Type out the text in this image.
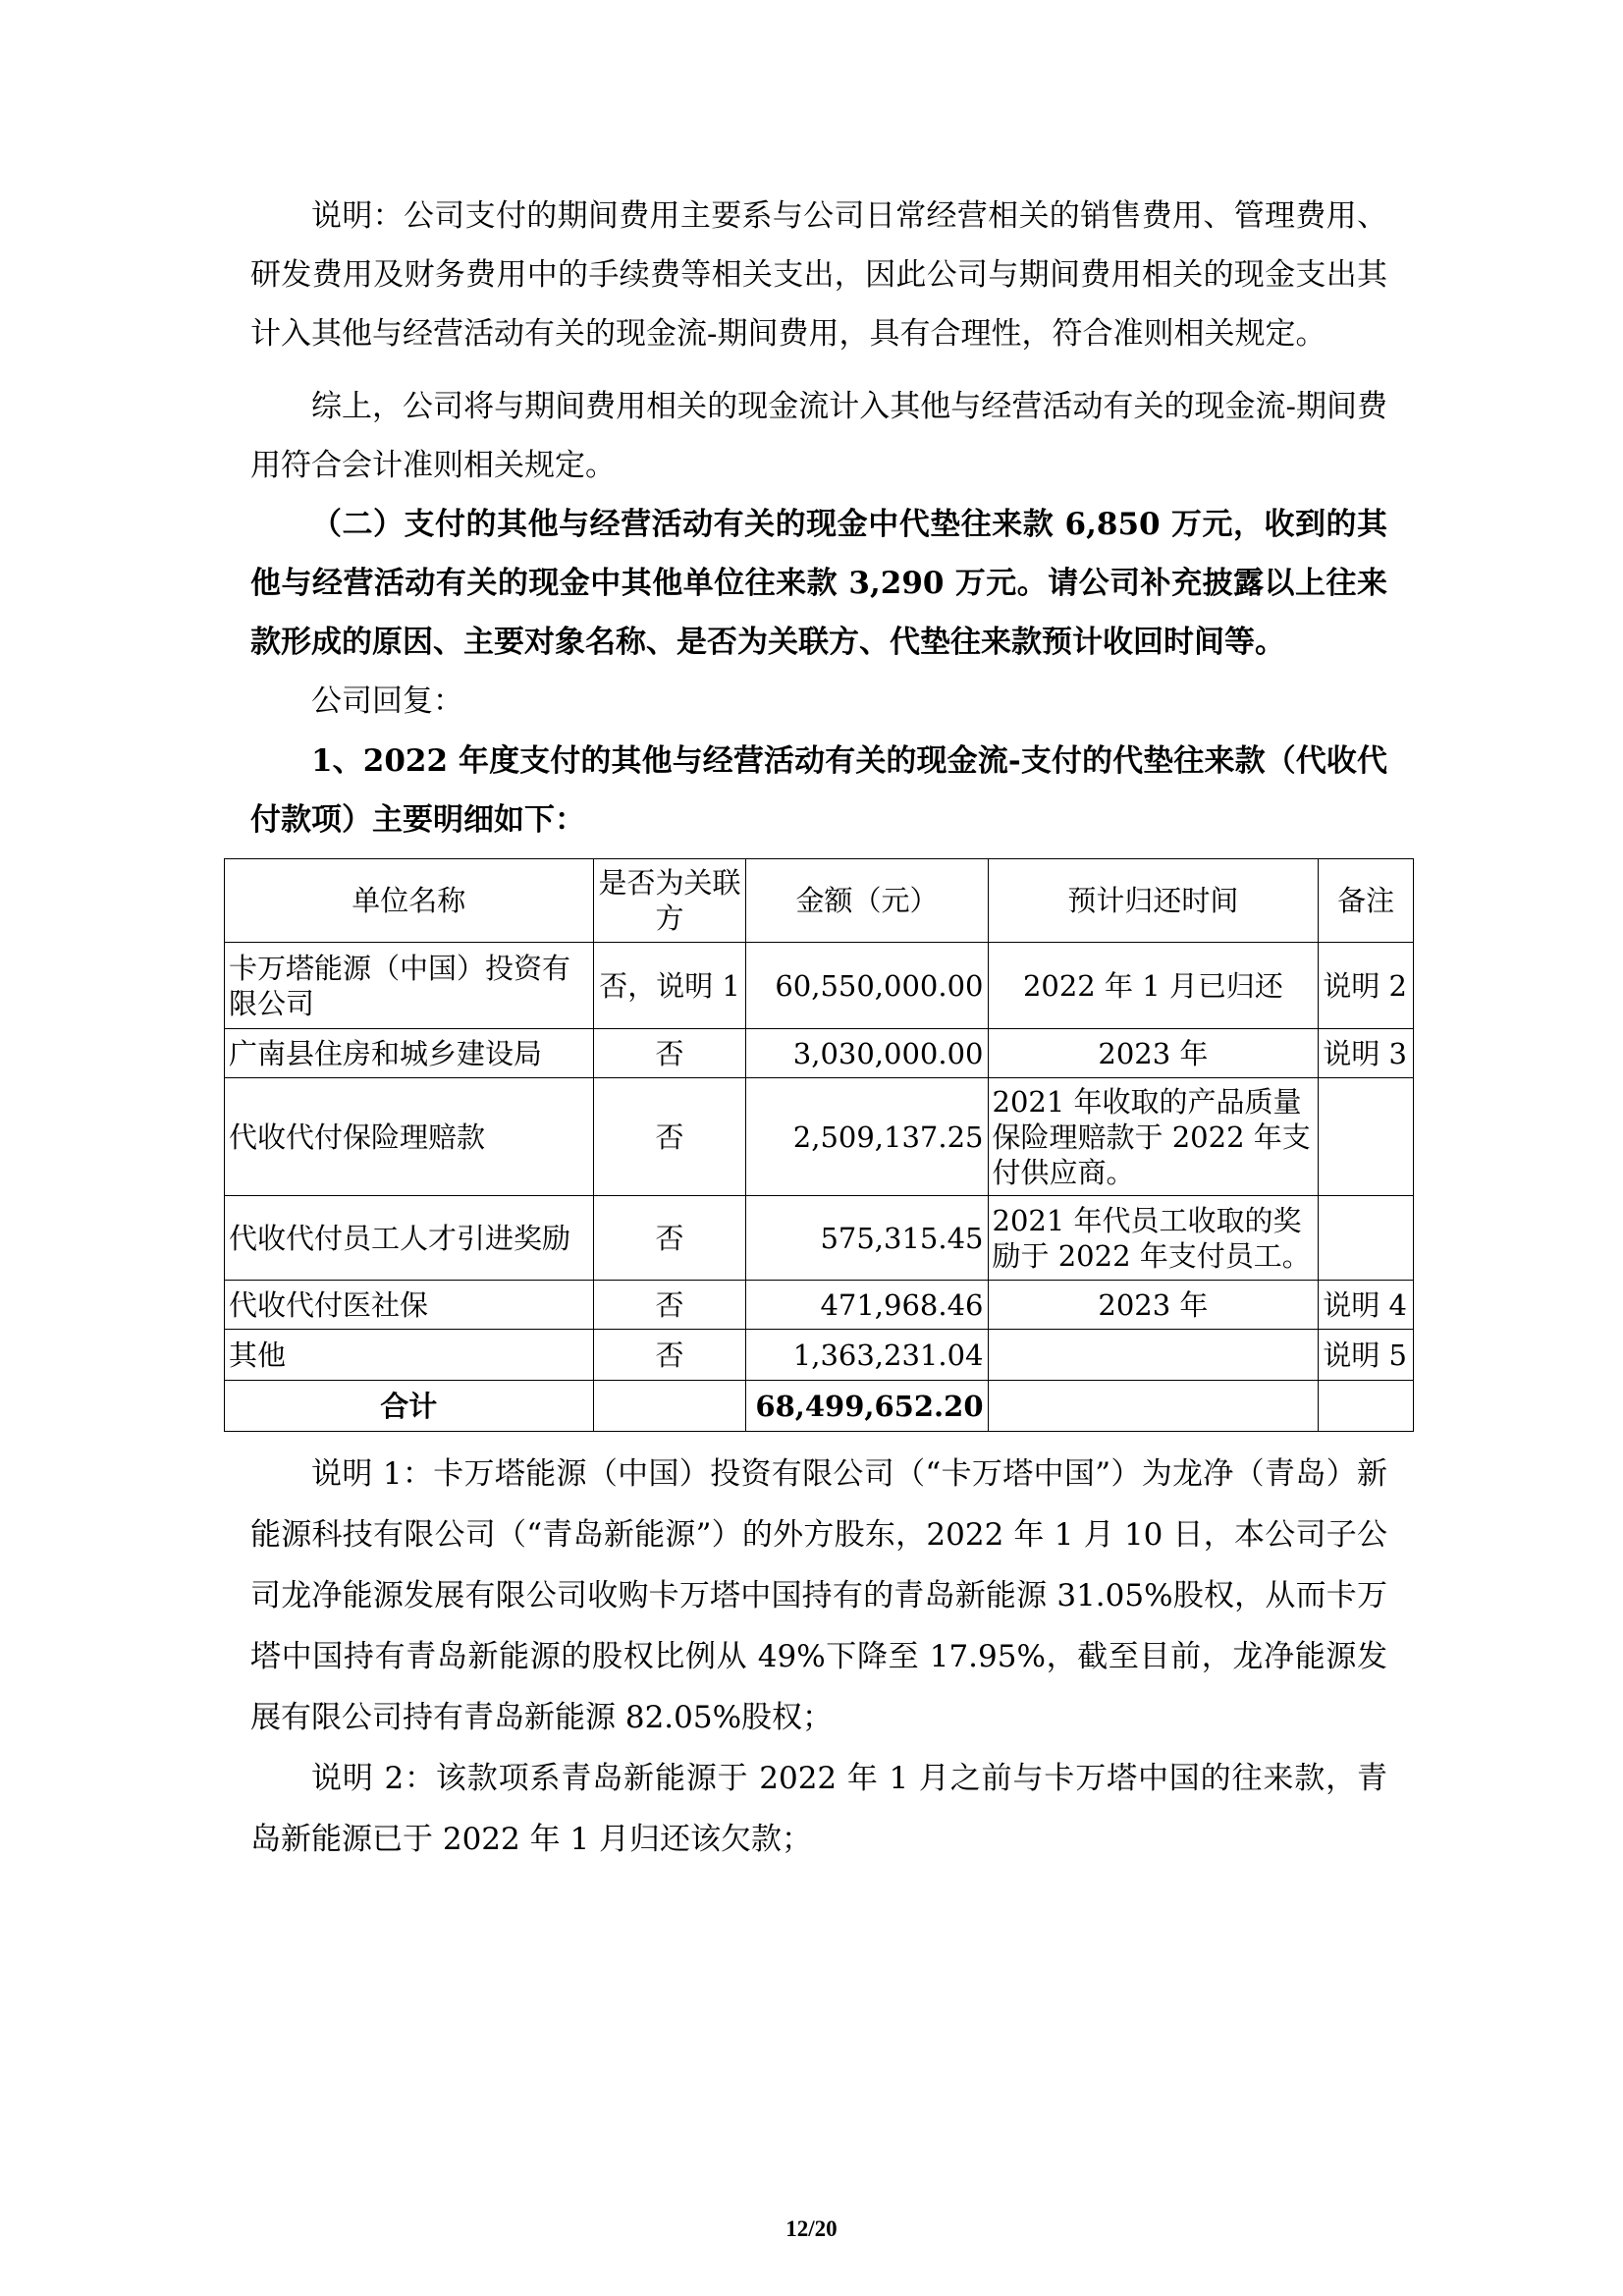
说明：公司支付的期间费用主要系与公司日常经营相关的销售费用、管理费用、研发费用及财务费用中的手续费等相关支出，因此公司与期间费用相关的现金支出其计入其他与经营活动有关的现金流-期间费用，具有合理性，符合准则相关规定。

综上，公司将与期间费用相关的现金流计入其他与经营活动有关的现金流-期间费用符合会计准则相关规定。

（二）支付的其他与经营活动有关的现金中代垫往来款 6,850 万元，收到的其他与经营活动有关的现金中其他单位往来款 3,290 万元。请公司补充披露以上往来款形成的原因、主要对象名称、是否为关联方、代垫往来款预计收回时间等。

公司回复：

1、2022 年度支付的其他与经营活动有关的现金流-支付的代垫往来款（代收代付款项）主要明细如下：

单位名称	是否为关联方	金额（元）	预计归还时间	备注
卡万塔能源（中国）投资有限公司	否，说明 1	60,550,000.00	2022 年 1 月已归还	说明 2
广南县住房和城乡建设局	否	3,030,000.00	2023 年	说明 3
代收代付保险理赔款	否	2,509,137.25	2021 年收取的产品质量保险理赔款于 2022 年支付供应商。	
代收代付员工人才引进奖励	否	575,315.45	2021 年代员工收取的奖励于 2022 年支付员工。	
代收代付医社保	否	471,968.46	2023 年	说明 4
其他	否	1,363,231.04		说明 5
合计		68,499,652.20		

说明 1：卡万塔能源（中国）投资有限公司（“卡万塔中国”）为龙净（青岛）新能源科技有限公司（“青岛新能源”）的外方股东，2022 年 1 月 10 日，本公司子公司龙净能源发展有限公司收购卡万塔中国持有的青岛新能源 31.05%股权，从而卡万塔中国持有青岛新能源的股权比例从 49%下降至 17.95%，截至目前，龙净能源发展有限公司持有青岛新能源 82.05%股权；

说明 2：该款项系青岛新能源于 2022 年 1 月之前与卡万塔中国的往来款，青岛新能源已于 2022 年 1 月归还该欠款；

12/20
